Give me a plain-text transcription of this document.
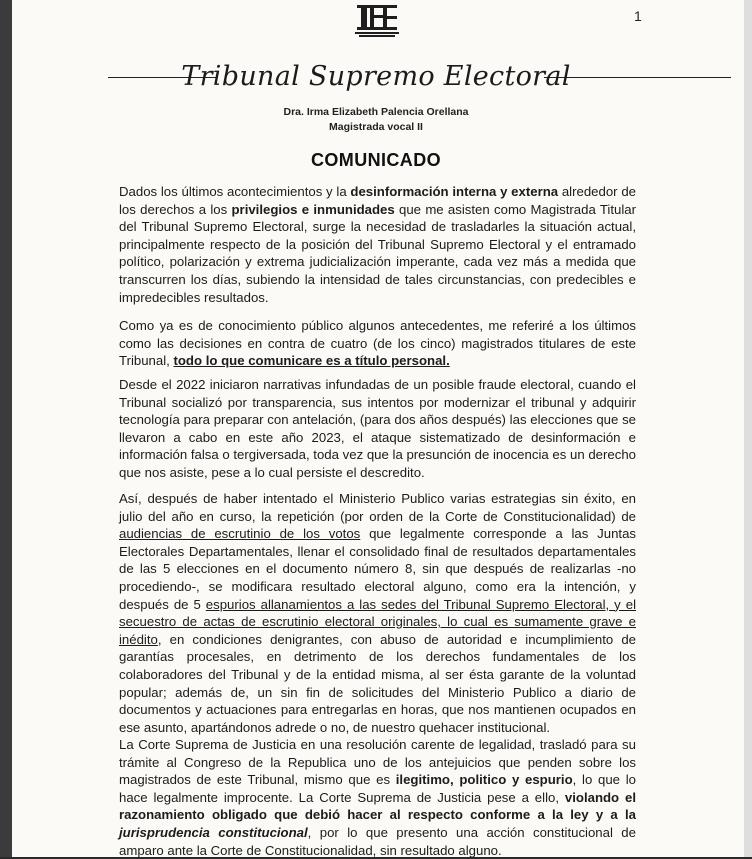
1
Tribunal Supremo Electoral
Dra. Irma Elizabeth Palencia Orellana
Magistrada vocal II
COMUNICADO
Dados los últimos acontecimientos y la desinformación interna y externa alrededor de los derechos a los privilegios e inmunidades que me asisten como Magistrada Titular del Tribunal Supremo Electoral, surge la necesidad de trasladarles la situación actual, principalmente respecto de la posición del Tribunal Supremo Electoral y el entramado político, polarización y extrema judicialización imperante, cada vez más a medida que transcurren los días, subiendo la intensidad de tales circunstancias, con predecibles e impredecibles resultados.
Como ya es de conocimiento público algunos antecedentes, me referiré a los últimos como las decisiones en contra de cuatro (de los cinco) magistrados titulares de este Tribunal, todo lo que comunicare es a título personal.
Desde el 2022 iniciaron narrativas infundadas de un posible fraude electoral, cuando el Tribunal socializó por transparencia, sus intentos por modernizar el tribunal y adquirir tecnología para preparar con antelación, (para dos años después) las elecciones que se llevaron a cabo en este año 2023, el ataque sistematizado de desinformación e información falsa o tergiversada, toda vez que la presunción de inocencia es un derecho que nos asiste, pese a lo cual persiste el descredito.
Así, después de haber intentado el Ministerio Publico varias estrategias sin éxito, en julio del año en curso, la repetición (por orden de la Corte de Constitucionalidad) de audiencias de escrutinio de los votos que legalmente corresponde a las Juntas Electorales Departamentales, llenar el consolidado final de resultados departamentales de las 5 elecciones en el documento número 8, sin que después de realizarlas -no procediendo-, se modificara resultado electoral alguno, como era la intención, y después de 5 espurios allanamientos a las sedes del Tribunal Supremo Electoral, y el secuestro de actas de escrutinio electoral originales, lo cual es sumamente grave e inédito, en condiciones denigrantes, con abuso de autoridad e incumplimiento de garantías procesales, en detrimento de los derechos fundamentales de los colaboradores del Tribunal y de la entidad misma, al ser ésta garante de la voluntad popular; además de, un sin fin de solicitudes del Ministerio Publico a diario de documentos y actuaciones para entregarlas en horas, que nos mantienen ocupados en ese asunto, apartándonos adrede o no, de nuestro quehacer institucional.
La Corte Suprema de Justicia en una resolución carente de legalidad, trasladó para su trámite al Congreso de la Republica uno de los antejuicios que penden sobre los magistrados de este Tribunal, mismo que es ilegitimo, politico y espurio, lo que lo hace legalmente improcente. La Corte Suprema de Justicia pese a ello, violando el razonamiento obligado que debió hacer al respecto conforme a la ley y a la jurisprudencia constitucional, por lo que presento una acción constitucional de amparo ante la Corte de Constitucionalidad, sin resultado alguno.
